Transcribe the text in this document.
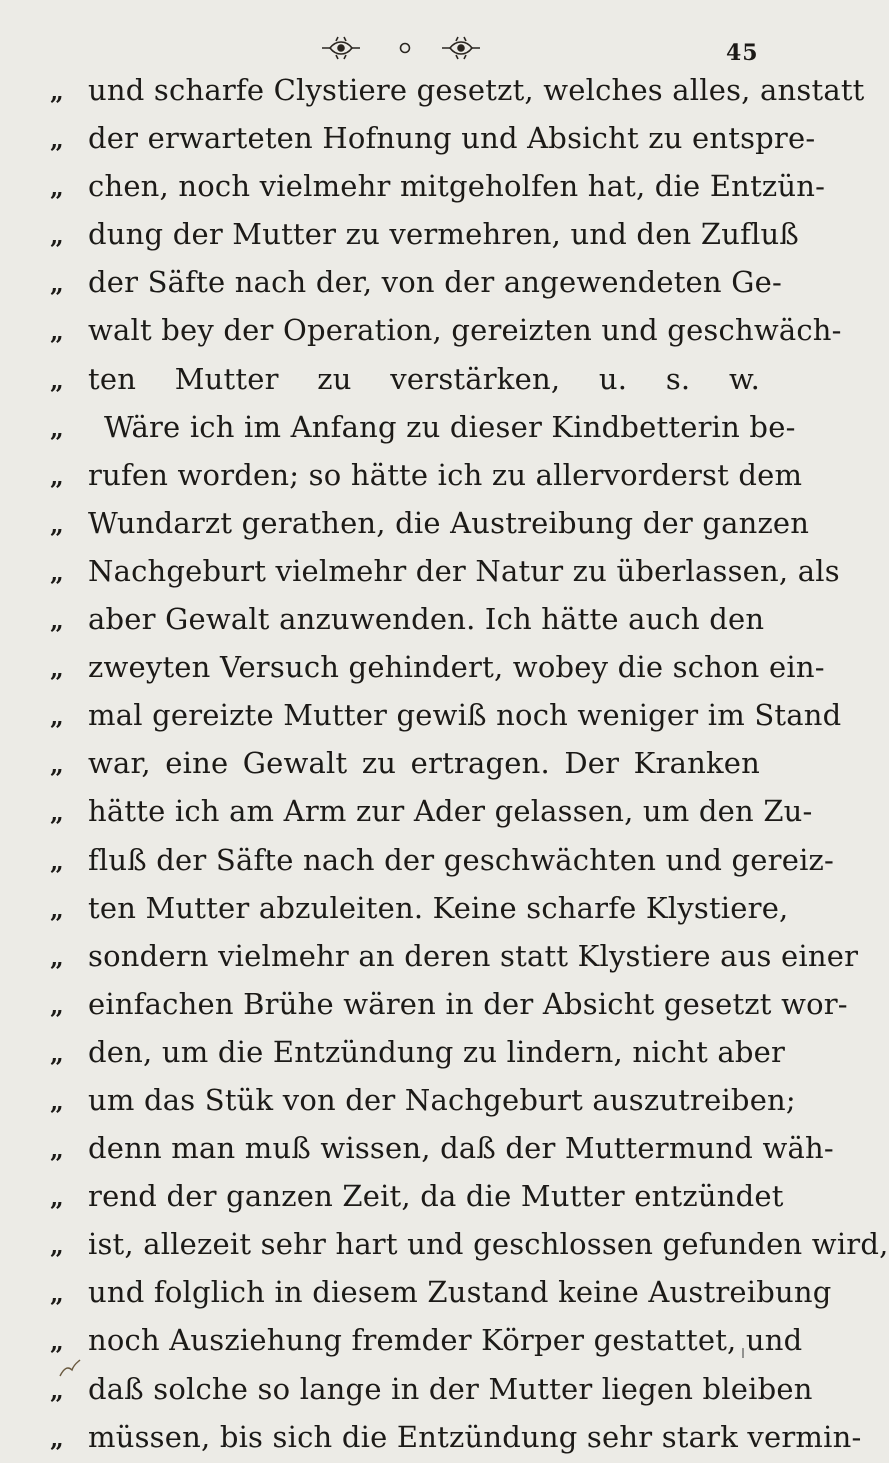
45
„ und scharfe Clystiere gesetzt, welches alles, anstatt
„ der erwarteten Hofnung und Absicht zu entspre-
„ chen, noch vielmehr mitgeholfen hat, die Entzün-
„ dung der Mutter zu vermehren, und den Zufluß
„ der Säfte nach der, von der angewendeten Ge-
„ walt bey der Operation, gereizten und geschwäch-
„ ten Mutter zu verstärken, u. s. w.
„	Wäre ich im Anfang zu dieser Kindbetterin be-
„ rufen worden; so hätte ich zu allervorderst dem
„ Wundarzt gerathen, die Austreibung der ganzen
„ Nachgeburt vielmehr der Natur zu überlassen, als
„ aber Gewalt anzuwenden. Ich hätte auch den
„ zweyten Versuch gehindert, wobey die schon ein-
„ mal gereizte Mutter gewiß noch weniger im Stand
„ war, eine Gewalt zu ertragen. Der Kranken
„ hätte ich am Arm zur Ader gelassen, um den Zu-
„ fluß der Säfte nach der geschwächten und gereiz-
„ ten Mutter abzuleiten. Keine scharfe Klystiere,
„ sondern vielmehr an deren statt Klystiere aus einer
„ einfachen Brühe wären in der Absicht gesetzt wor-
„ den, um die Entzündung zu lindern, nicht aber
„ um das Stük von der Nachgeburt auszutreiben;
„ denn man muß wissen, daß der Muttermund wäh-
„ rend der ganzen Zeit, da die Mutter entzündet
„ ist, allezeit sehr hart und geschlossen gefunden wird,
„ und folglich in diesem Zustand keine Austreibung
„ noch Ausziehung fremder Körper gestattet, und
„ daß solche so lange in der Mutter liegen bleiben
„ müssen, bis sich die Entzündung sehr stark vermin-
